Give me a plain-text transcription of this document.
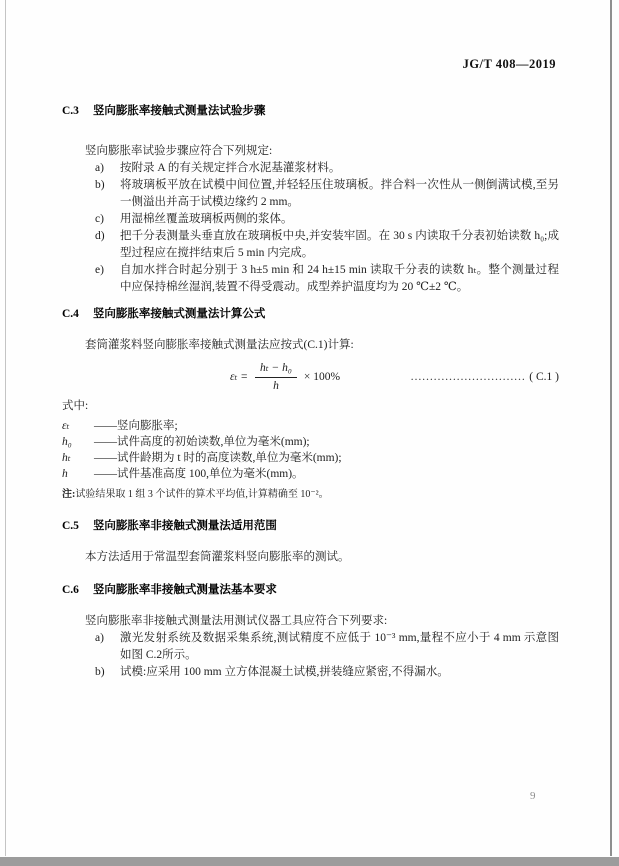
JG/T 408—2019
C.3 竖向膨胀率接触式测量法试验步骤

竖向膨胀率试验步骤应符合下列规定:

a) 按附录 A 的有关规定拌合水泥基灌浆材料。
b) 将玻璃板平放在试模中间位置,并轻轻压住玻璃板。拌合料一次性从一侧倒满试模,至另一侧溢出并高于试模边缘约 2 mm。
c) 用湿棉丝覆盖玻璃板两侧的浆体。
d) 把千分表测量头垂直放在玻璃板中央,并安装牢固。在 30 s 内读取千分表初始读数 h₀;成型过程应在搅拌结束后 5 min 内完成。
e) 自加水拌合时起分别于 3 h±5 min 和 24 h±15 min 读取千分表的读数 hₜ。整个测量过程中应保持棉丝湿润,装置不得受震动。成型养护温度均为 20 ℃±2 ℃。
C.4 竖向膨胀率接触式测量法计算公式

套筒灌浆料竖向膨胀率接触式测量法应按式(C.1)计算:

$\varepsilon_t = \frac{\text{hₜ − h₀}}{h} \times 100\%$	………………………… ( C.1 )

式中:

εₜ	——竖向膨胀率;
h₀	——试件高度的初始读数,单位为毫米(mm);
hₜ	——试件龄期为 t 时的高度读数,单位为毫米(mm);
h	——试件基准高度 100,单位为毫米(mm)。

注:试验结果取 1 组 3 个试件的算术平均值,计算精确至 10⁻²。

C.5 竖向膨胀率非接触式测量法适用范围

本方法适用于常温型套筒灌浆料竖向膨胀率的测试。

C.6 竖向膨胀率非接触式测量法基本要求

竖向膨胀率非接触式测量法用测试仪器工具应符合下列要求:

a) 激光发射系统及数据采集系统,测试精度不应低于 10⁻³ mm,量程不应小于 4 mm 示意图如图 C.2所示。
b) 试模:应采用 100 mm 立方体混凝土试模,拼装缝应紧密,不得漏水。
9
